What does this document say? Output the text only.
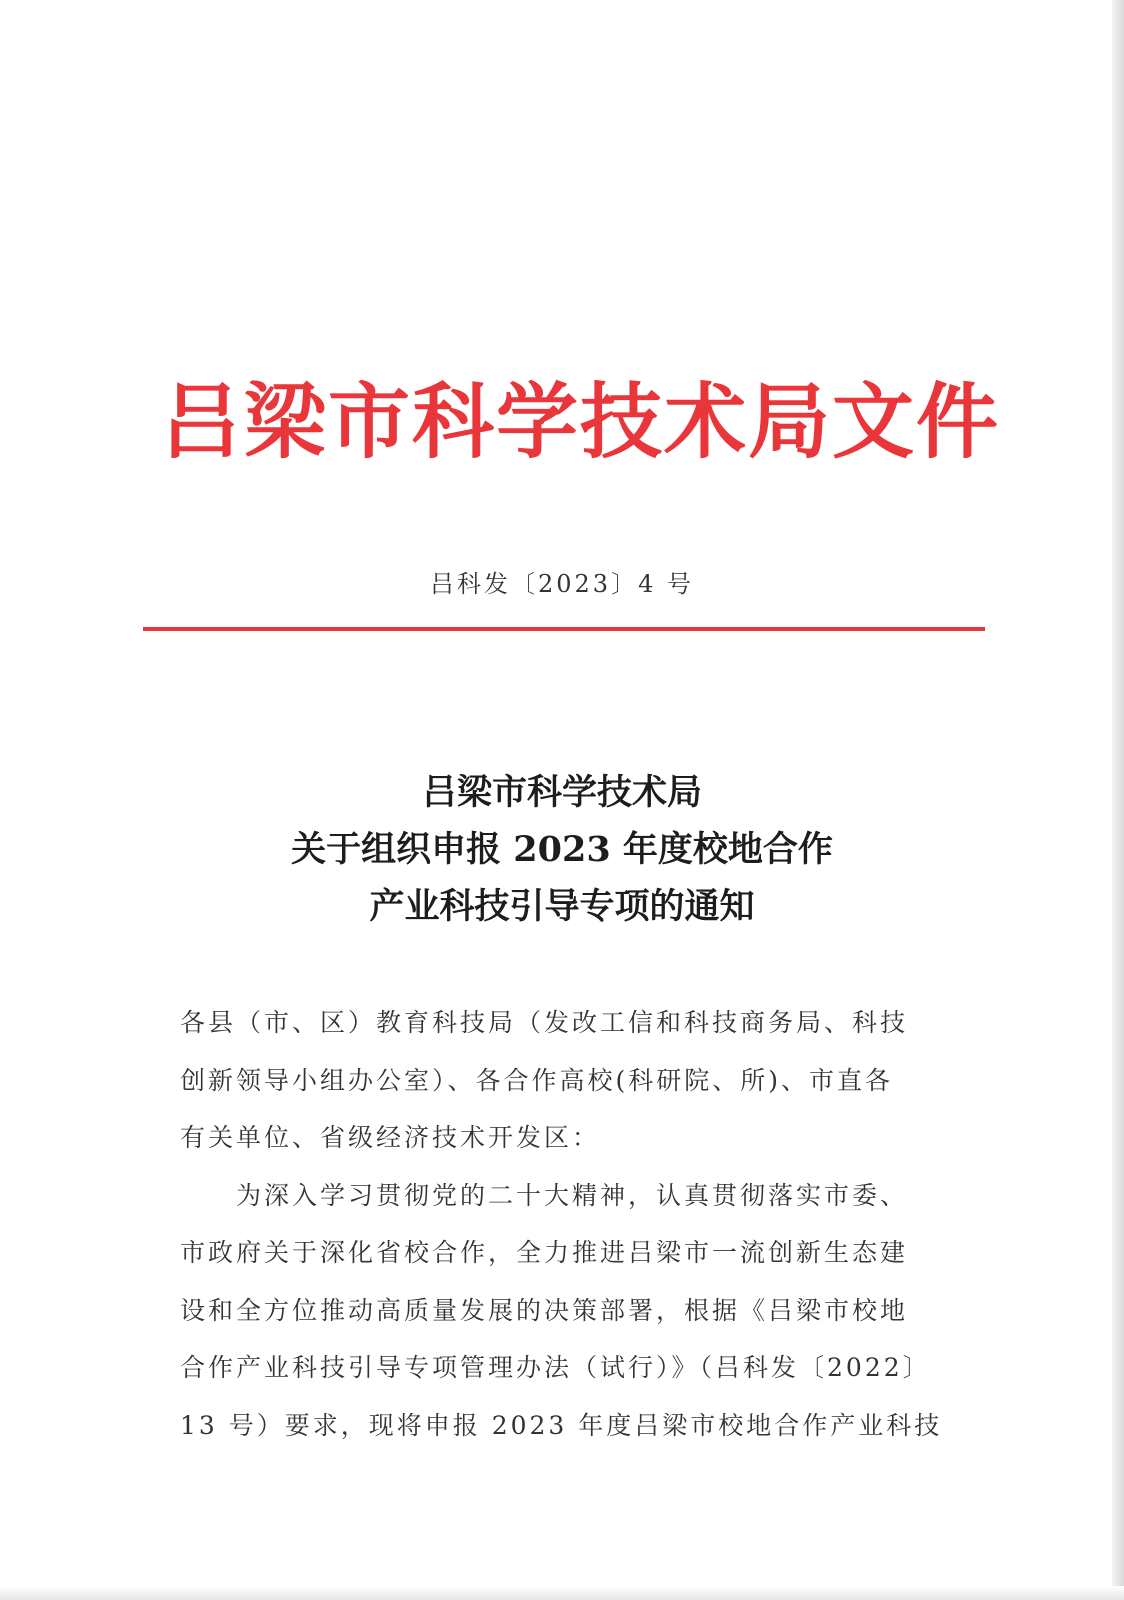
吕梁市科学技术局文件
吕科发〔2023〕4 号
吕梁市科学技术局
关于组织申报 2023 年度校地合作
产业科技引导专项的通知
各县（市、区）教育科技局（发改工信和科技商务局、科技
创新领导小组办公室）、各合作高校(科研院、所)、市直各
有关单位、省级经济技术开发区：
为深入学习贯彻党的二十大精神，认真贯彻落实市委、
市政府关于深化省校合作，全力推进吕梁市一流创新生态建
设和全方位推动高质量发展的决策部署，根据《吕梁市校地
合作产业科技引导专项管理办法（试行）》（吕科发〔2022〕
13 号）要求，现将申报 2023 年度吕梁市校地合作产业科技
